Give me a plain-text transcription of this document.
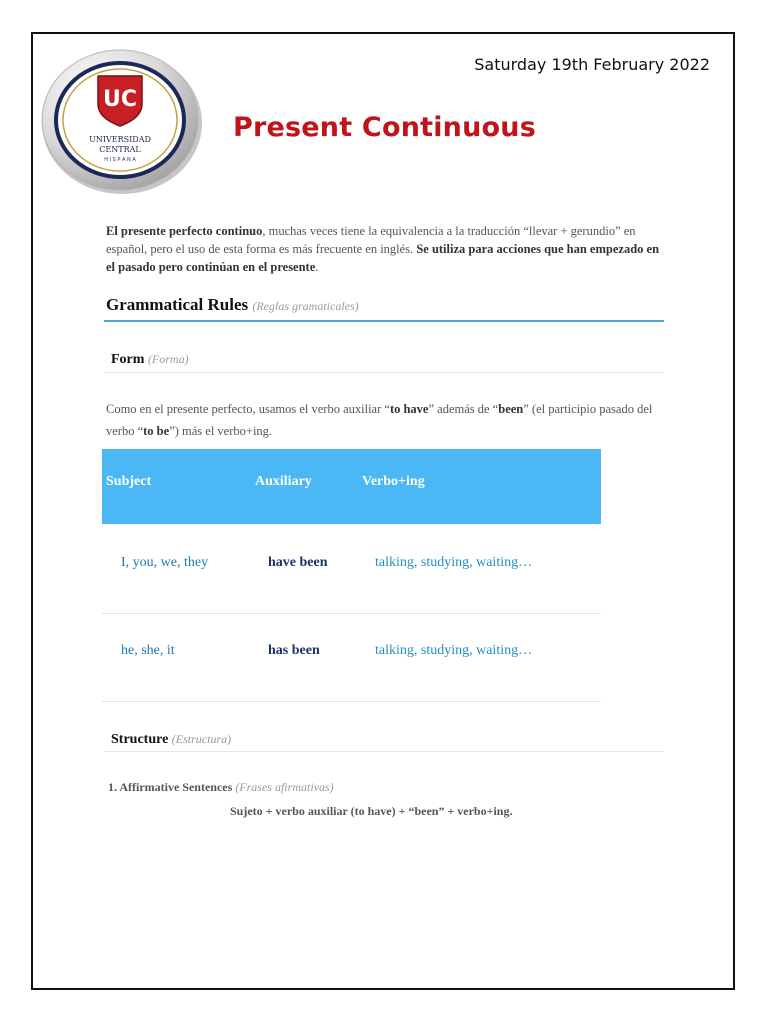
UC
UNIVERSIDAD
CENTRAL
H I S P A N A
Saturday 19th February 2022
Present Continuous

El presente perfecto continuo, muchas veces tiene la equivalencia a la traducción “llevar + gerundio” en español, pero el uso de esta forma es más frecuente en inglés. Se utiliza para acciones que han empezado en el pasado pero continúan en el presente.

Grammatical Rules (Reglas gramaticales)
Form (Forma)

Como en el presente perfecto, usamos el verbo auxiliar “to have” además de “been” (el participio pasado del verbo “to be”) más el verbo+ing.

Subject	Auxiliary	Verbo+ing
I, you, we, they	have been	talking, studying, waiting…
he, she, it	has been	talking, studying, waiting…
Structure (Estructura)
1. Affirmative Sentences (Frases afirmativas)
Sujeto + verbo auxiliar (to have) + “been” + verbo+ing.
